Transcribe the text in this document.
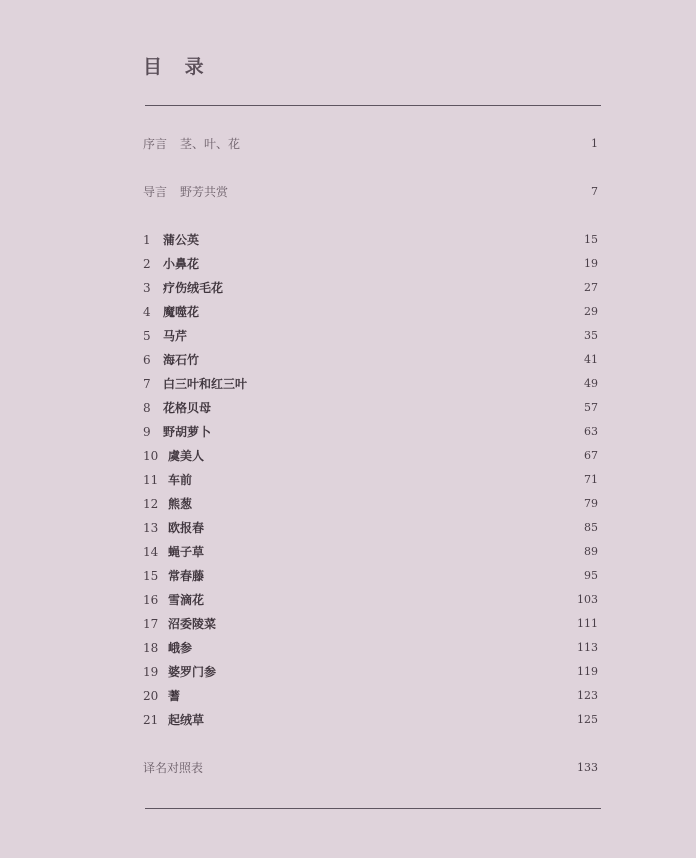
目 录
序言 茎、叶、花	1
导言 野芳共赏	7
1 蒲公英	15
2 小鼻花	19
3 疗伤绒毛花	27
4 魔噬花	29
5 马芹	35
6 海石竹	41
7 白三叶和红三叶	49
8 花格贝母	57
9 野胡萝卜	63
10 虞美人	67
11 车前	71
12 熊葱	79
13 欧报春	85
14 蝇子草	89
15 常春藤	95
16 雪滴花	103
17 沼委陵菜	111
18 峨参	113
19 婆罗门参	119
20 蓍	123
21 起绒草	125
译名对照表	133
